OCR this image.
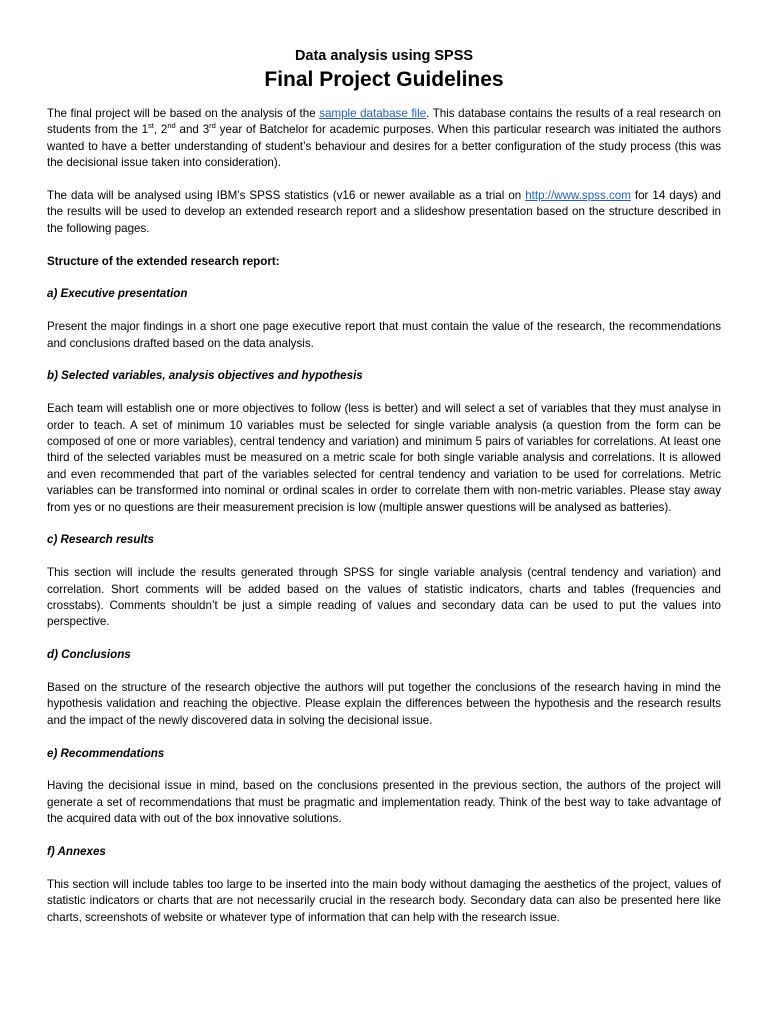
Data analysis using SPSS
Final Project Guidelines

The final project will be based on the analysis of the sample database file. This database contains the results of a real research on students from the 1st, 2nd and 3rd year of Batchelor for academic purposes. When this particular research was initiated the authors wanted to have a better understanding of student’s behaviour and desires for a better configuration of the study process (this was the decisional issue taken into consideration).

The data will be analysed using IBM’s SPSS statistics (v16 or newer available as a trial on http://www.spss.com for 14 days) and the results will be used to develop an extended research report and a slideshow presentation based on the structure described in the following pages.

Structure of the extended research report:

a) Executive presentation

Present the major findings in a short one page executive report that must contain the value of the research, the recommendations and conclusions drafted based on the data analysis.

b) Selected variables, analysis objectives and hypothesis

Each team will establish one or more objectives to follow (less is better) and will select a set of variables that they must analyse in order to teach. A set of minimum 10 variables must be selected for single variable analysis (a question from the form can be composed of one or more variables), central tendency and variation) and minimum 5 pairs of variables for correlations. At least one third of the selected variables must be measured on a metric scale for both single variable analysis and correlations. It is allowed and even recommended that part of the variables selected for central tendency and variation to be used for correlations. Metric variables can be transformed into nominal or ordinal scales in order to correlate them with non-metric variables. Please stay away from yes or no questions are their measurement precision is low (multiple answer questions will be analysed as batteries).

c) Research results

This section will include the results generated through SPSS for single variable analysis (central tendency and variation) and correlation. Short comments will be added based on the values of statistic indicators, charts and tables (frequencies and crosstabs). Comments shouldn’t be just a simple reading of values and secondary data can be used to put the values into perspective.

d) Conclusions

Based on the structure of the research objective the authors will put together the conclusions of the research having in mind the hypothesis validation and reaching the objective. Please explain the differences between the hypothesis and the research results and the impact of the newly discovered data in solving the decisional issue.

e) Recommendations

Having the decisional issue in mind, based on the conclusions presented in the previous section, the authors of the project will generate a set of recommendations that must be pragmatic and implementation ready. Think of the best way to take advantage of the acquired data with out of the box innovative solutions.

f) Annexes

This section will include tables too large to be inserted into the main body without damaging the aesthetics of the project, values of statistic indicators or charts that are not necessarily crucial in the research body. Secondary data can also be presented here like charts, screenshots of website or whatever type of information that can help with the research issue.
